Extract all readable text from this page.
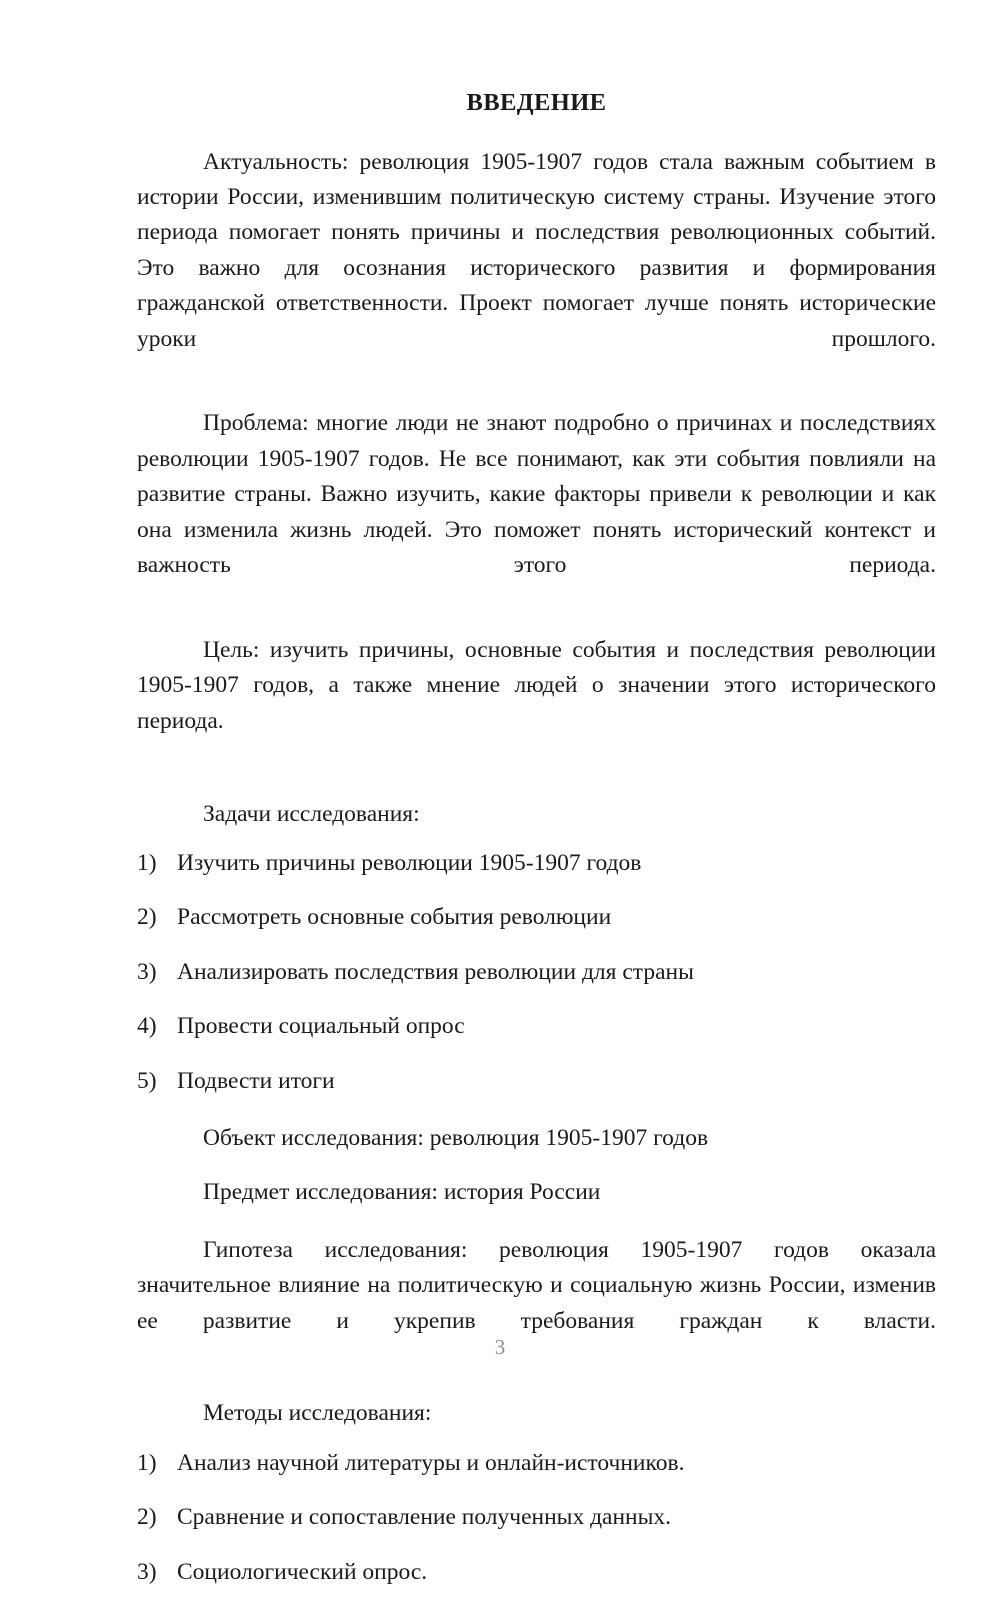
ВВЕДЕНИЕ

Актуальность: революция 1905-1907 годов стала важным событием в истории России, изменившим политическую систему страны. Изучение этого периода помогает понять причины и последствия революционных событий. Это важно для осознания исторического развития и формирования гражданской ответственности. Проект помогает лучше понять исторические уроки прошлого.

Проблема: многие люди не знают подробно о причинах и последствиях революции 1905-1907 годов. Не все понимают, как эти события повлияли на развитие страны. Важно изучить, какие факторы привели к революции и как она изменила жизнь людей. Это поможет понять исторический контекст и важность этого периода.

Цель: изучить причины, основные события и последствия революции 1905-1907 годов, а также мнение людей о значении этого исторического периода.

Задачи исследования:

1) Изучить причины революции 1905-1907 годов
2) Рассмотреть основные события революции
3) Анализировать последствия революции для страны
4) Провести социальный опрос
5) Подвести итоги

Объект исследования: революция 1905-1907 годов

Предмет исследования: история России

Гипотеза исследования: революция 1905-1907 годов оказала значительное влияние на политическую и социальную жизнь России, изменив ее развитие и укрепив требования граждан к власти.

Методы исследования:

1) Анализ научной литературы и онлайн-источников.
2) Сравнение и сопоставление полученных данных.
3) Социологический опрос.
3
